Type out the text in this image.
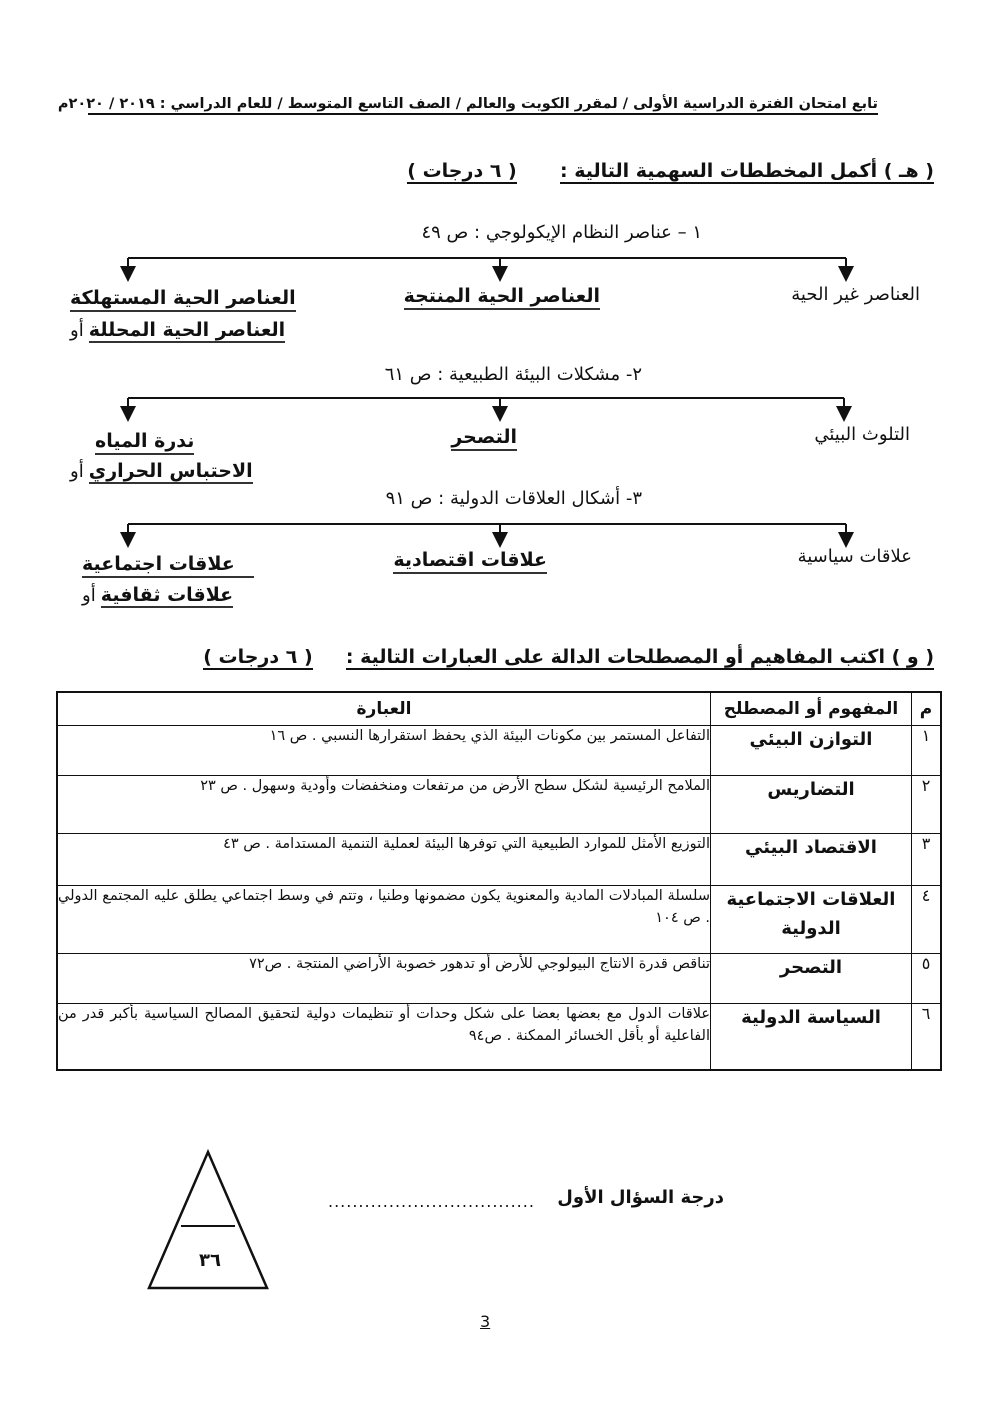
تابع امتحان الفترة الدراسية الأولى / لمقرر الكويت والعالم / الصف التاسع المتوسط / للعام الدراسي : ٢٠١٩ / ٢٠٢٠م
( هـ ) أكمل المخططات السهمية التالية :  ( ٦ درجات )
١ – عناصر النظام الإيكولوجي : ص ٤٩
العناصر غير الحية
العناصر الحية المنتجة
العناصر الحية المستهلكة
العناصر الحية المحللة أو
٢- مشكلات البيئة الطبيعية : ص ٦١
التلوث البيئي
التصحر
ندرة المياه
الاحتباس الحراري أو
٣- أشكال العلاقات الدولية : ص ٩١
علاقات سياسية
علاقات اقتصادية
علاقات اجتماعية
علاقات ثقافية أو
( و ) اكتب المفاهيم أو المصطلحات الدالة على العبارات التالية :  ( ٦ درجات )
م	المفهوم أو المصطلح	العبارة
١	التوازن البيئي	التفاعل المستمر بين مكونات البيئة الذي يحفظ استقرارها النسبي . ص ١٦
٢	التضاريس	الملامح الرئيسية لشكل سطح الأرض من مرتفعات ومنخفضات وأودية وسهول . ص ٢٣
٣	الاقتصاد البيئي	التوزيع الأمثل للموارد الطبيعية التي توفرها البيئة لعملية التنمية المستدامة . ص ٤٣
٤	العلاقات الاجتماعية الدولية	سلسلة المبادلات المادية والمعنوية يكون مضمونها وطنيا ، وتتم في وسط اجتماعي يطلق عليه المجتمع الدولي . ص ١٠٤
٥	التصحر	تناقص قدرة الانتاج البيولوجي للأرض أو تدهور خصوبة الأراضي المنتجة . ص٧٢
٦	السياسة الدولية	علاقات الدول مع بعضها بعضا على شكل وحدات أو تنظيمات دولية لتحقيق المصالح السياسية بأكبر قدر من الفاعلية أو بأقل الخسائر الممكنة . ص٩٤
درجة السؤال الأول
..................................
٣٦
3
